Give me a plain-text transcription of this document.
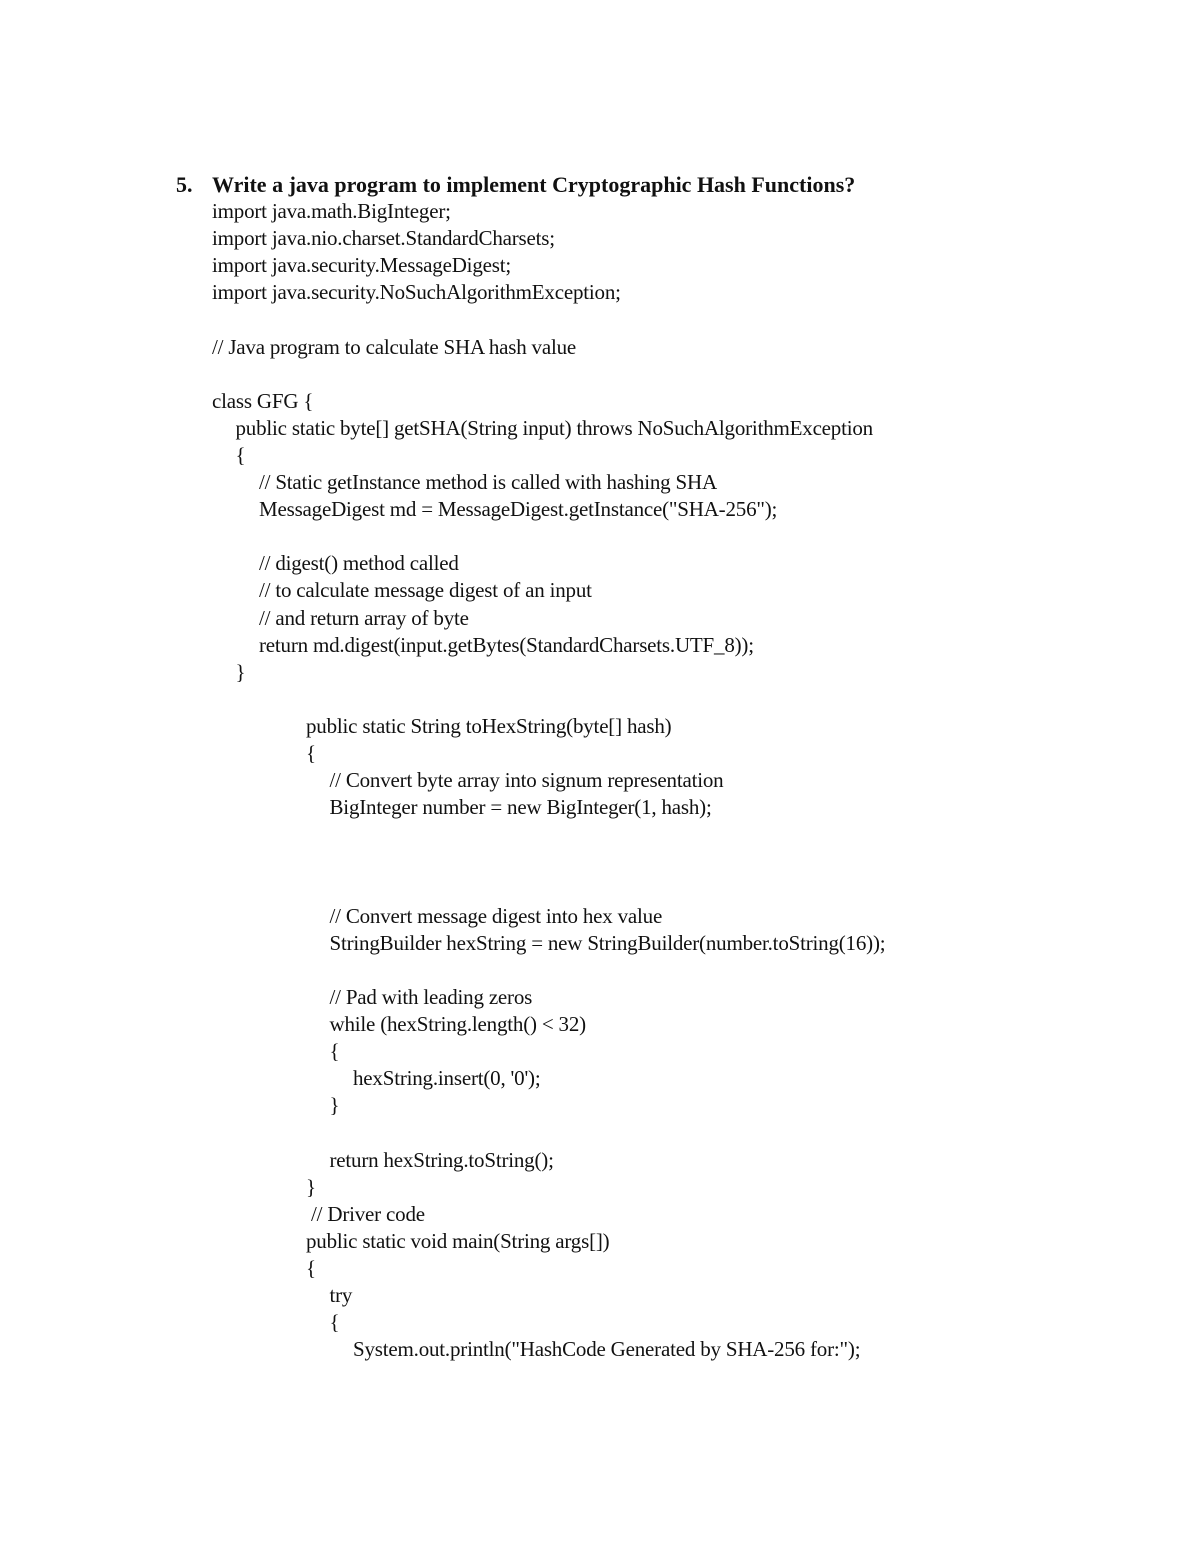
5. Write a java program to implement Cryptographic Hash Functions?
import java.math.BigInteger;
import java.nio.charset.StandardCharsets;
import java.security.MessageDigest;
import java.security.NoSuchAlgorithmException;
// Java program to calculate SHA hash value
class GFG {
public static byte[] getSHA(String input) throws NoSuchAlgorithmException
{
// Static getInstance method is called with hashing SHA
MessageDigest md = MessageDigest.getInstance("SHA-256");
// digest() method called
// to calculate message digest of an input
// and return array of byte
return md.digest(input.getBytes(StandardCharsets.UTF_8));
}
public static String toHexString(byte[] hash)
{
// Convert byte array into signum representation
BigInteger number = new BigInteger(1, hash);
// Convert message digest into hex value
StringBuilder hexString = new StringBuilder(number.toString(16));
// Pad with leading zeros
while (hexString.length() < 32)
{
hexString.insert(0, '0');
}
return hexString.toString();
}
// Driver code
public static void main(String args[])
{
try
{
System.out.println("HashCode Generated by SHA-256 for:");
